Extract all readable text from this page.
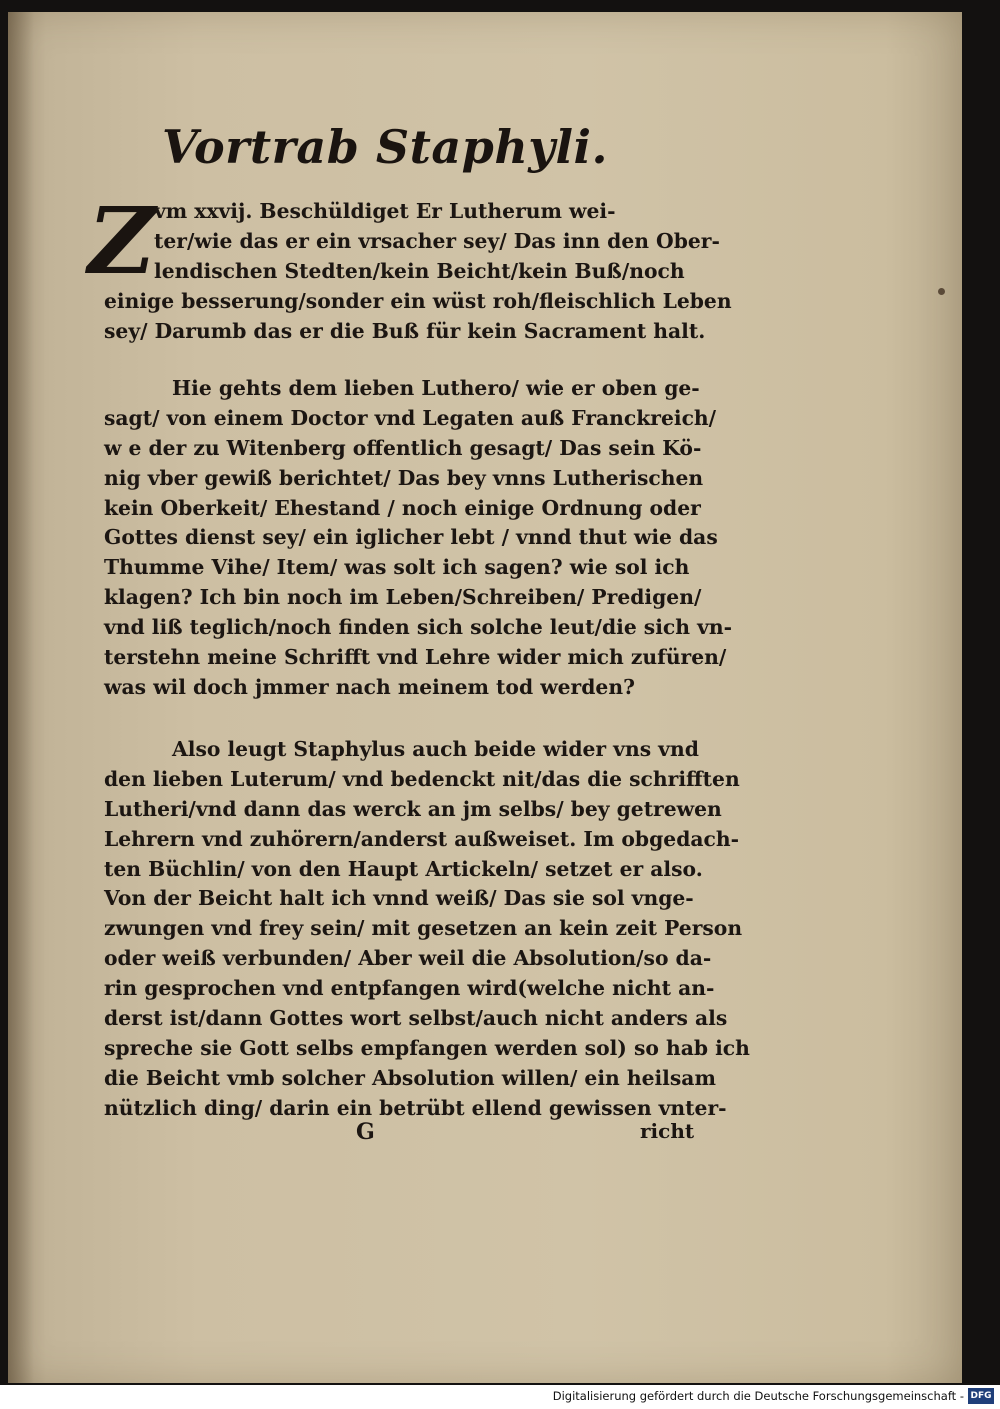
Vortrab Staphyli.
Z
vm xxvij. Beschüldiget Er Lutherum wei-
ter/wie das er ein vrsacher sey/ Das inn den Ober-
lendischen Stedten/kein Beicht/kein Buß/noch
einige besserung/sonder ein wüst roh/fleischlich Leben
sey/ Darumb das er die Buß für kein Sacrament halt.
Hie gehts dem lieben Luthero/ wie er oben ge-
sagt/ von einem Doctor vnd Legaten auß Franckreich/
w e der zu Witenberg offentlich gesagt/ Das sein Kö-
nig vber gewiß berichtet/ Das bey vnns Lutherischen
kein Oberkeit/ Ehestand / noch einige Ordnung oder
Gottes dienst sey/ ein iglicher lebt / vnnd thut wie das
Thumme Vihe/ Item/ was solt ich sagen? wie sol ich
klagen? Ich bin noch im Leben/Schreiben/ Predigen/
vnd liß teglich/noch finden sich solche leut/die sich vn-
terstehn meine Schrifft vnd Lehre wider mich zufüren/
was wil doch jmmer nach meinem tod werden?
Also leugt Staphylus auch beide wider vns vnd
den lieben Luterum/ vnd bedenckt nit/das die schrifften
Lutheri/vnd dann das werck an jm selbs/ bey getrewen
Lehrern vnd zuhörern/anderst außweiset. Im obgedach-
ten Büchlin/ von den Haupt Artickeln/ setzet er also.
Von der Beicht halt ich vnnd weiß/ Das sie sol vnge-
zwungen vnd frey sein/ mit gesetzen an kein zeit Person
oder weiß verbunden/ Aber weil die Absolution/so da-
rin gesprochen vnd entpfangen wird(welche nicht an-
derst ist/dann Gottes wort selbst/auch nicht anders als
spreche sie Gott selbs empfangen werden sol) so hab ich
die Beicht vmb solcher Absolution willen/ ein heilsam
nützlich ding/ darin ein betrübt ellend gewissen vnter-
G	richt
Digitalisierung gefördert durch die Deutsche Forschungsgemeinschaft - DFG
